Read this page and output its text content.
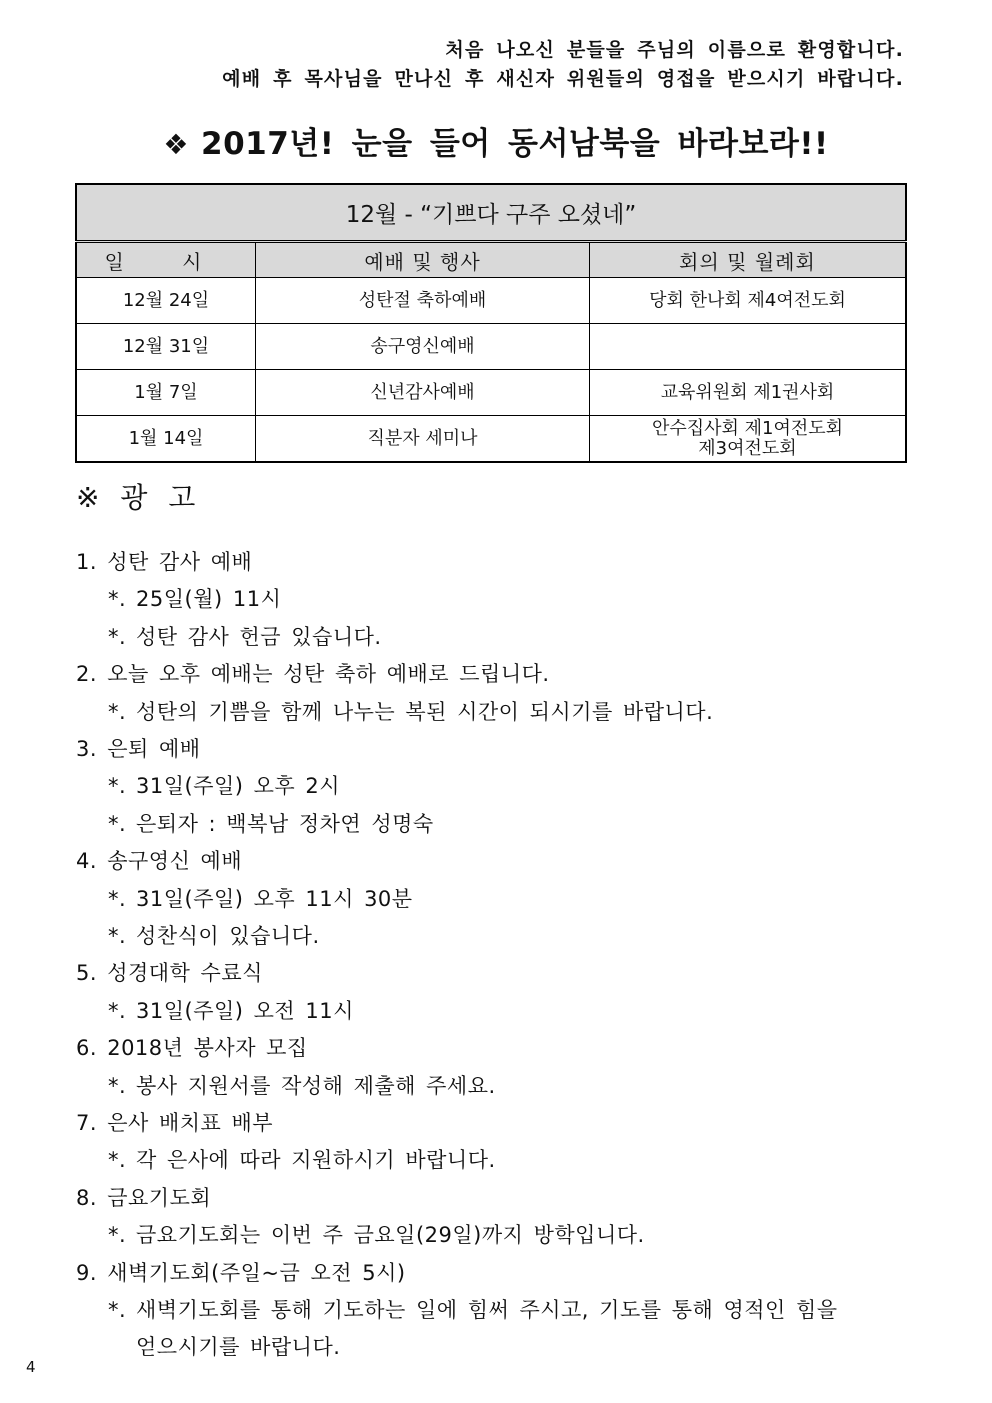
처음 나오신 분들을 주님의 이름으로 환영합니다.
예배 후 목사님을 만나신 후 새신자 위원들의 영접을 받으시기 바랍니다.
❖ 2017년! 눈을 들어 동서남북을 바라보라!!
12월 - “기쁘다 구주 오셨네”		
일 시	예배 및 행사	회의 및 월례회
12월 24일	성탄절 축하예배	당회 한나회 제4여전도회
12월 31일	송구영신예배	
1월 7일	신년감사예배	교육위원회 제1권사회
1월 14일	직분자 세미나	안수집사회 제1여전도회
제3여전도회
※ 광 고
1. 성탄 감사 예배
*. 25일(월) 11시
*. 성탄 감사 헌금 있습니다.
2. 오늘 오후 예배는 성탄 축하 예배로 드립니다.
*. 성탄의 기쁨을 함께 나누는 복된 시간이 되시기를 바랍니다.
3. 은퇴 예배
*. 31일(주일) 오후 2시
*. 은퇴자 : 백복남 정차연 성명숙
4. 송구영신 예배
*. 31일(주일) 오후 11시 30분
*. 성찬식이 있습니다.
5. 성경대학 수료식
*. 31일(주일) 오전 11시
6. 2018년 봉사자 모집
*. 봉사 지원서를 작성해 제출해 주세요.
7. 은사 배치표 배부
*. 각 은사에 따라 지원하시기 바랍니다.
8. 금요기도회
*. 금요기도회는 이번 주 금요일(29일)까지 방학입니다.
9. 새벽기도회(주일~금 오전 5시)
*. 새벽기도회를 통해 기도하는 일에 힘써 주시고, 기도를 통해 영적인 힘을
얻으시기를 바랍니다.
4
